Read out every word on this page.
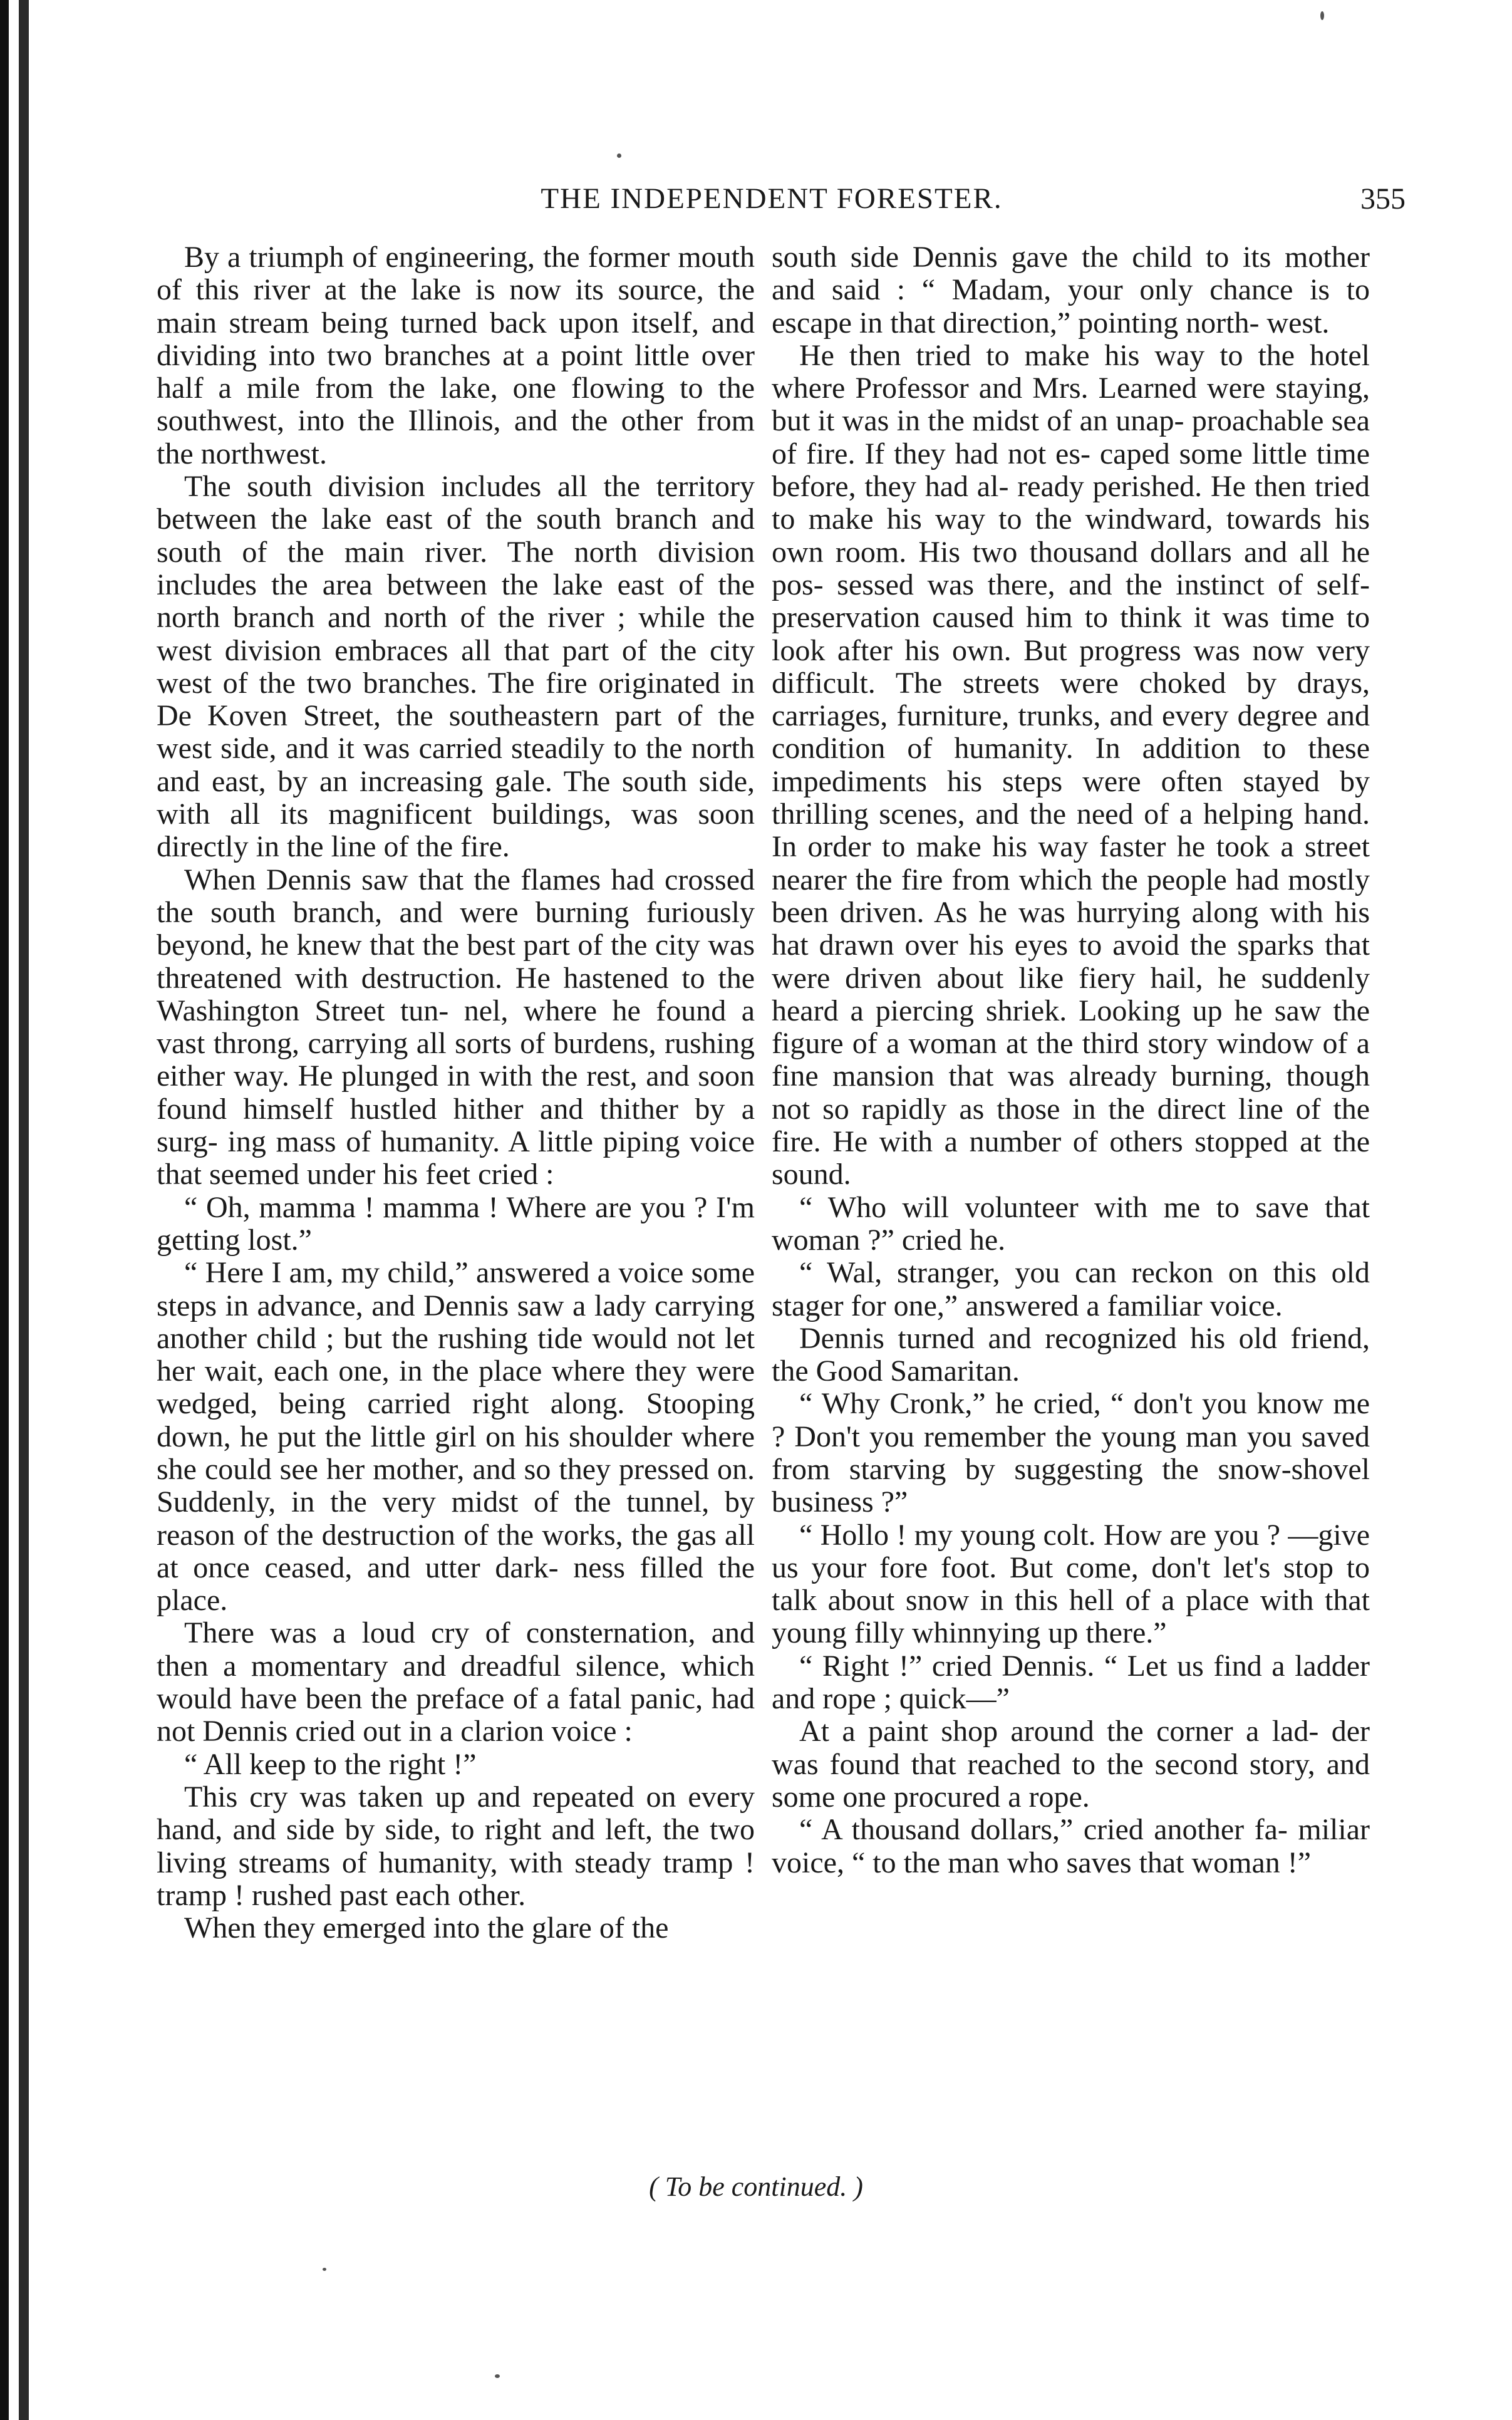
THE INDEPENDENT FORESTER.	355

By a triumph of engineering, the former mouth of this river at the lake is now its source, the main stream being turned back upon itself, and dividing into two branches at a point little over half a mile from the lake, one flowing to the southwest, into the Illinois, and the other from the northwest.

The south division includes all the territory between the lake east of the south branch and south of the main river. The north division includes the area between the lake east of the north branch and north of the river ; while the west division embraces all that part of the city west of the two branches. The fire originated in De Koven Street, the southeastern part of the west side, and it was carried steadily to the north and east, by an increasing gale. The south side, with all its magnificent buildings, was soon directly in the line of the fire.

When Dennis saw that the flames had crossed the south branch, and were burning furiously beyond, he knew that the best part of the city was threatened with destruction. He hastened to the Washington Street tun- nel, where he found a vast throng, carrying all sorts of burdens, rushing either way. He plunged in with the rest, and soon found himself hustled hither and thither by a surg- ing mass of humanity. A little piping voice that seemed under his feet cried :

“ Oh, mamma ! mamma ! Where are you ? I'm getting lost.”

“ Here I am, my child,” answered a voice some steps in advance, and Dennis saw a lady carrying another child ; but the rushing tide would not let her wait, each one, in the place where they were wedged, being carried right along. Stooping down, he put the little girl on his shoulder where she could see her mother, and so they pressed on. Suddenly, in the very midst of the tunnel, by reason of the destruction of the works, the gas all at once ceased, and utter dark- ness filled the place.

There was a loud cry of consternation, and then a momentary and dreadful silence, which would have been the preface of a fatal panic, had not Dennis cried out in a clarion voice :

“ All keep to the right !”

This cry was taken up and repeated on every hand, and side by side, to right and left, the two living streams of humanity, with steady tramp ! tramp ! rushed past each other.

When they emerged into the glare of the

south side Dennis gave the child to its mother and said : “ Madam, your only chance is to escape in that direction,” pointing north- west.

He then tried to make his way to the hotel where Professor and Mrs. Learned were staying, but it was in the midst of an unap- proachable sea of fire. If they had not es- caped some little time before, they had al- ready perished. He then tried to make his way to the windward, towards his own room. His two thousand dollars and all he pos- sessed was there, and the instinct of self- preservation caused him to think it was time to look after his own. But progress was now very difficult. The streets were choked by drays, carriages, furniture, trunks, and every degree and condition of humanity. In addition to these impediments his steps were often stayed by thrilling scenes, and the need of a helping hand. In order to make his way faster he took a street nearer the fire from which the people had mostly been driven. As he was hurrying along with his hat drawn over his eyes to avoid the sparks that were driven about like fiery hail, he suddenly heard a piercing shriek. Looking up he saw the figure of a woman at the third story window of a fine mansion that was already burning, though not so rapidly as those in the direct line of the fire. He with a number of others stopped at the sound.

“ Who will volunteer with me to save that woman ?” cried he.

“ Wal, stranger, you can reckon on this old stager for one,” answered a familiar voice.

Dennis turned and recognized his old friend, the Good Samaritan.

“ Why Cronk,” he cried, “ don't you know me ? Don't you remember the young man you saved from starving by suggesting the snow-shovel business ?”

“ Hollo ! my young colt. How are you ? —give us your fore foot. But come, don't let's stop to talk about snow in this hell of a place with that young filly whinnying up there.”

“ Right !” cried Dennis. “ Let us find a ladder and rope ; quick—”

At a paint shop around the corner a lad- der was found that reached to the second story, and some one procured a rope.

“ A thousand dollars,” cried another fa- miliar voice, “ to the man who saves that woman !”

( To be continued. )
